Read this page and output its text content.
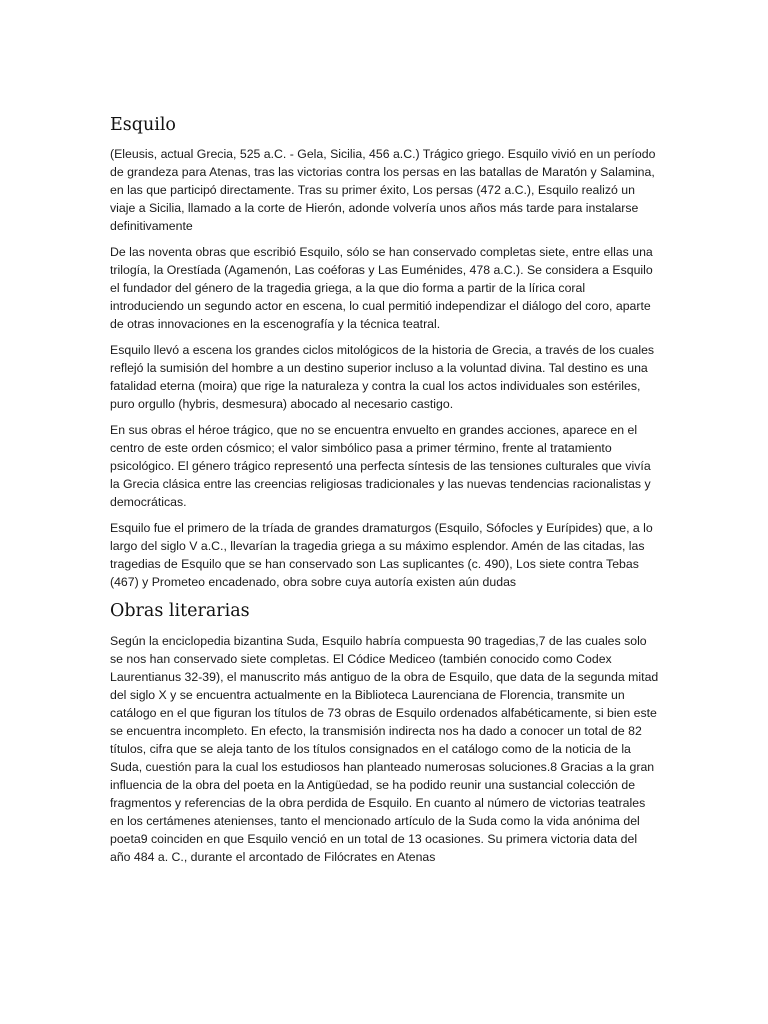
Esquilo

(Eleusis, actual Grecia, 525 a.C. - Gela, Sicilia, 456 a.C.) Trágico griego. Esquilo vivió en un período de grandeza para Atenas, tras las victorias contra los persas en las batallas de Maratón y Salamina, en las que participó directamente. Tras su primer éxito, Los persas (472 a.C.), Esquilo realizó un viaje a Sicilia, llamado a la corte de Hierón, adonde volvería unos años más tarde para instalarse definitivamente

De las noventa obras que escribió Esquilo, sólo se han conservado completas siete, entre ellas una trilogía, la Orestíada (Agamenón, Las coéforas y Las Euménides, 478 a.C.). Se considera a Esquilo el fundador del género de la tragedia griega, a la que dio forma a partir de la lírica coral introduciendo un segundo actor en escena, lo cual permitió independizar el diálogo del coro, aparte de otras innovaciones en la escenografía y la técnica teatral.

Esquilo llevó a escena los grandes ciclos mitológicos de la historia de Grecia, a través de los cuales reflejó la sumisión del hombre a un destino superior incluso a la voluntad divina. Tal destino es una fatalidad eterna (moira) que rige la naturaleza y contra la cual los actos individuales son estériles, puro orgullo (hybris, desmesura) abocado al necesario castigo.

En sus obras el héroe trágico, que no se encuentra envuelto en grandes acciones, aparece en el centro de este orden cósmico; el valor simbólico pasa a primer término, frente al tratamiento psicológico. El género trágico representó una perfecta síntesis de las tensiones culturales que vivía la Grecia clásica entre las creencias religiosas tradicionales y las nuevas tendencias racionalistas y democráticas.

Esquilo fue el primero de la tríada de grandes dramaturgos (Esquilo, Sófocles y Eurípides) que, a lo largo del siglo V a.C., llevarían la tragedia griega a su máximo esplendor. Amén de las citadas, las tragedias de Esquilo que se han conservado son Las suplicantes (c. 490), Los siete contra Tebas (467) y Prometeo encadenado, obra sobre cuya autoría existen aún dudas

Obras literarias

Según la enciclopedia bizantina Suda, Esquilo habría compuesta 90 tragedias,7 de las cuales solo se nos han conservado siete completas. El Códice Mediceo (también conocido como Codex Laurentianus 32-39), el manuscrito más antiguo de la obra de Esquilo, que data de la segunda mitad del siglo X y se encuentra actualmente en la Biblioteca Laurenciana de Florencia, transmite un catálogo en el que figuran los títulos de 73 obras de Esquilo ordenados alfabéticamente, si bien este se encuentra incompleto. En efecto, la transmisión indirecta nos ha dado a conocer un total de 82 títulos, cifra que se aleja tanto de los títulos consignados en el catálogo como de la noticia de la Suda, cuestión para la cual los estudiosos han planteado numerosas soluciones.8 Gracias a la gran influencia de la obra del poeta en la Antigüedad, se ha podido reunir una sustancial colección de fragmentos y referencias de la obra perdida de Esquilo. En cuanto al número de victorias teatrales en los certámenes atenienses, tanto el mencionado artículo de la Suda como la vida anónima del poeta9 coinciden en que Esquilo venció en un total de 13 ocasiones. Su primera victoria data del año 484 a. C., durante el arcontado de Filócrates en Atenas
